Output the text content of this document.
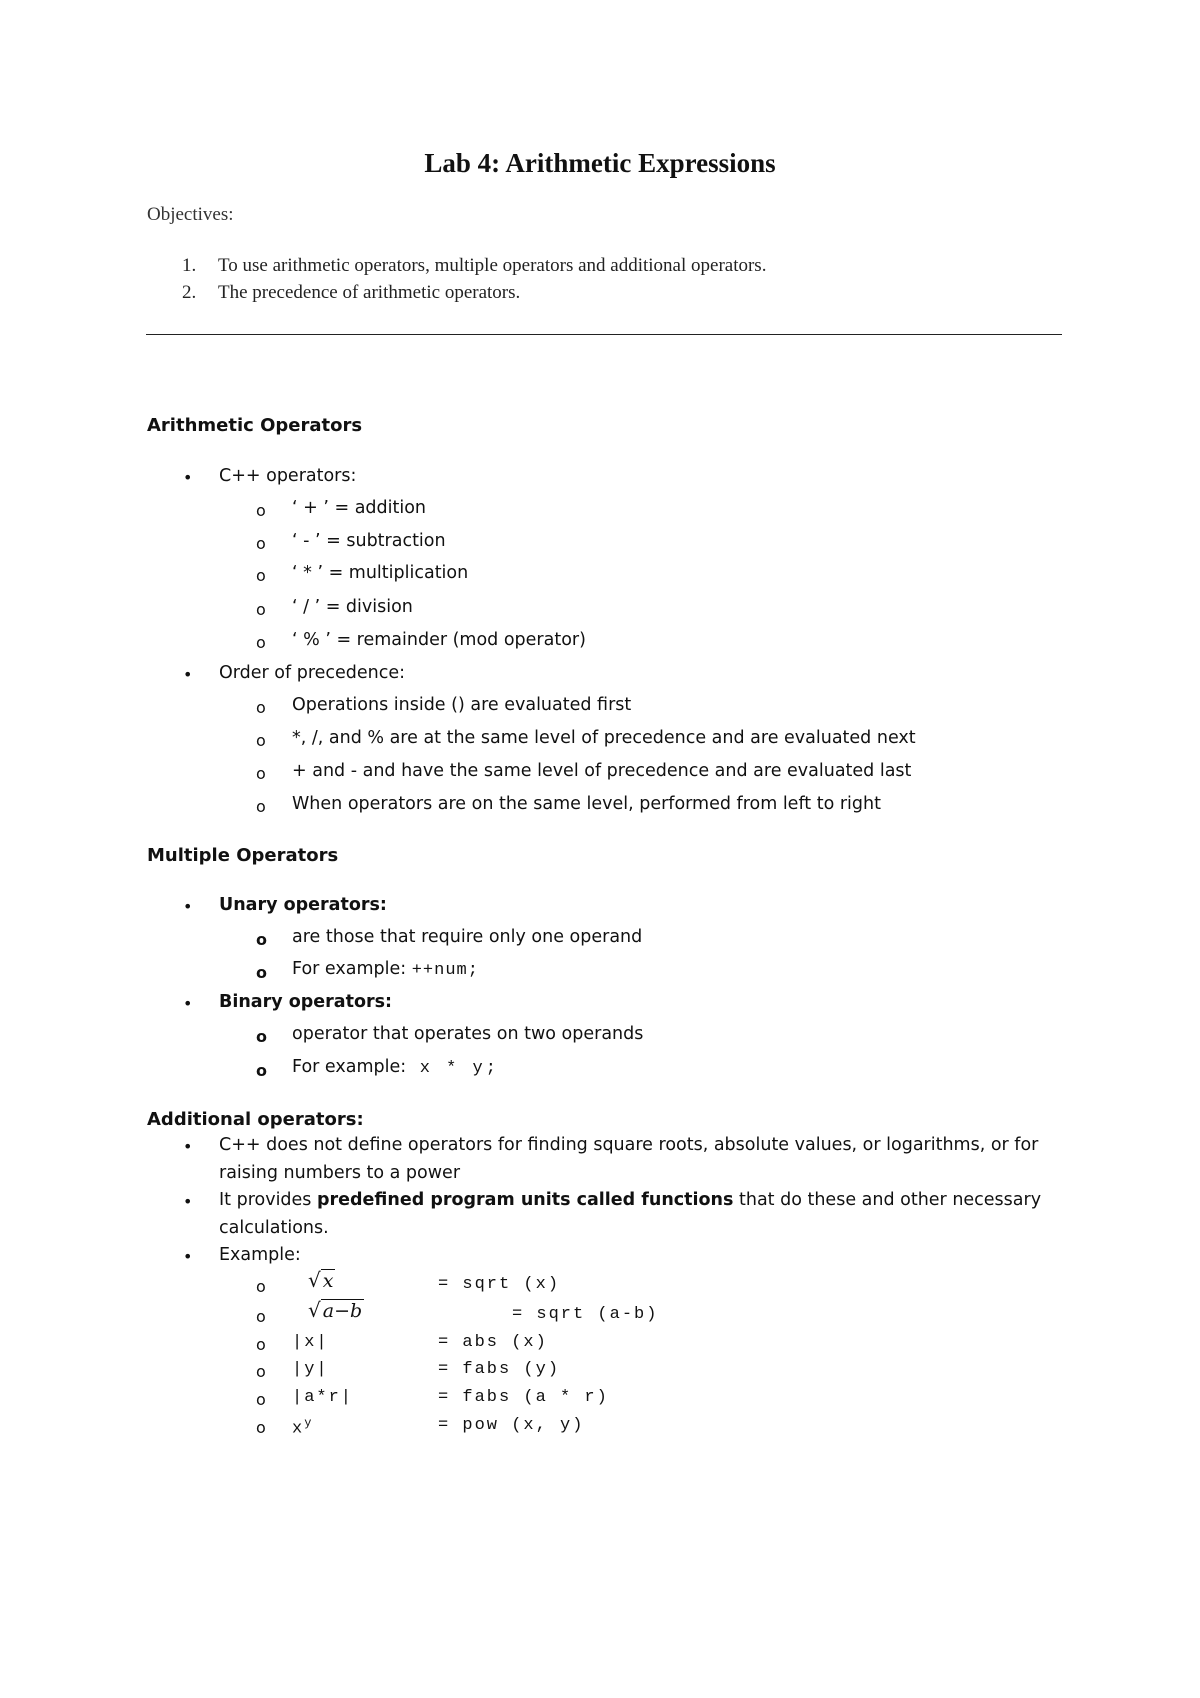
Lab 4: Arithmetic Expressions
Objectives:
1. To use arithmetic operators, multiple operators and additional operators.
2. The precedence of arithmetic operators.
Arithmetic Operators
• C++ operators:
o ‘ + ’ = addition
o ‘ - ’ = subtraction
o ‘ * ’ = multiplication
o ‘ / ’ = division
o ‘ % ’ = remainder (mod operator)
• Order of precedence:
o Operations inside () are evaluated first
o *, /, and % are at the same level of precedence and are evaluated next
o + and - and have the same level of precedence and are evaluated last
o When operators are on the same level, performed from left to right
Multiple Operators
• Unary operators:
o are those that require only one operand
o For example: ++num;
• Binary operators:
o operator that operates on two operands
o For example: x * y;
Additional operators:
• C++ does not define operators for finding square roots, absolute values, or logarithms, or for
raising numbers to a power
• It provides predefined program units called functions that do these and other necessary
calculations.
• Example:
o √ x	= sqrt (x)
o √ a−b	= sqrt (a-b)
o |x|	= abs (x)
o |y|	= fabs (y)
o |a*r|	= fabs (a * r)
o $x^y$	= pow (x, y)
